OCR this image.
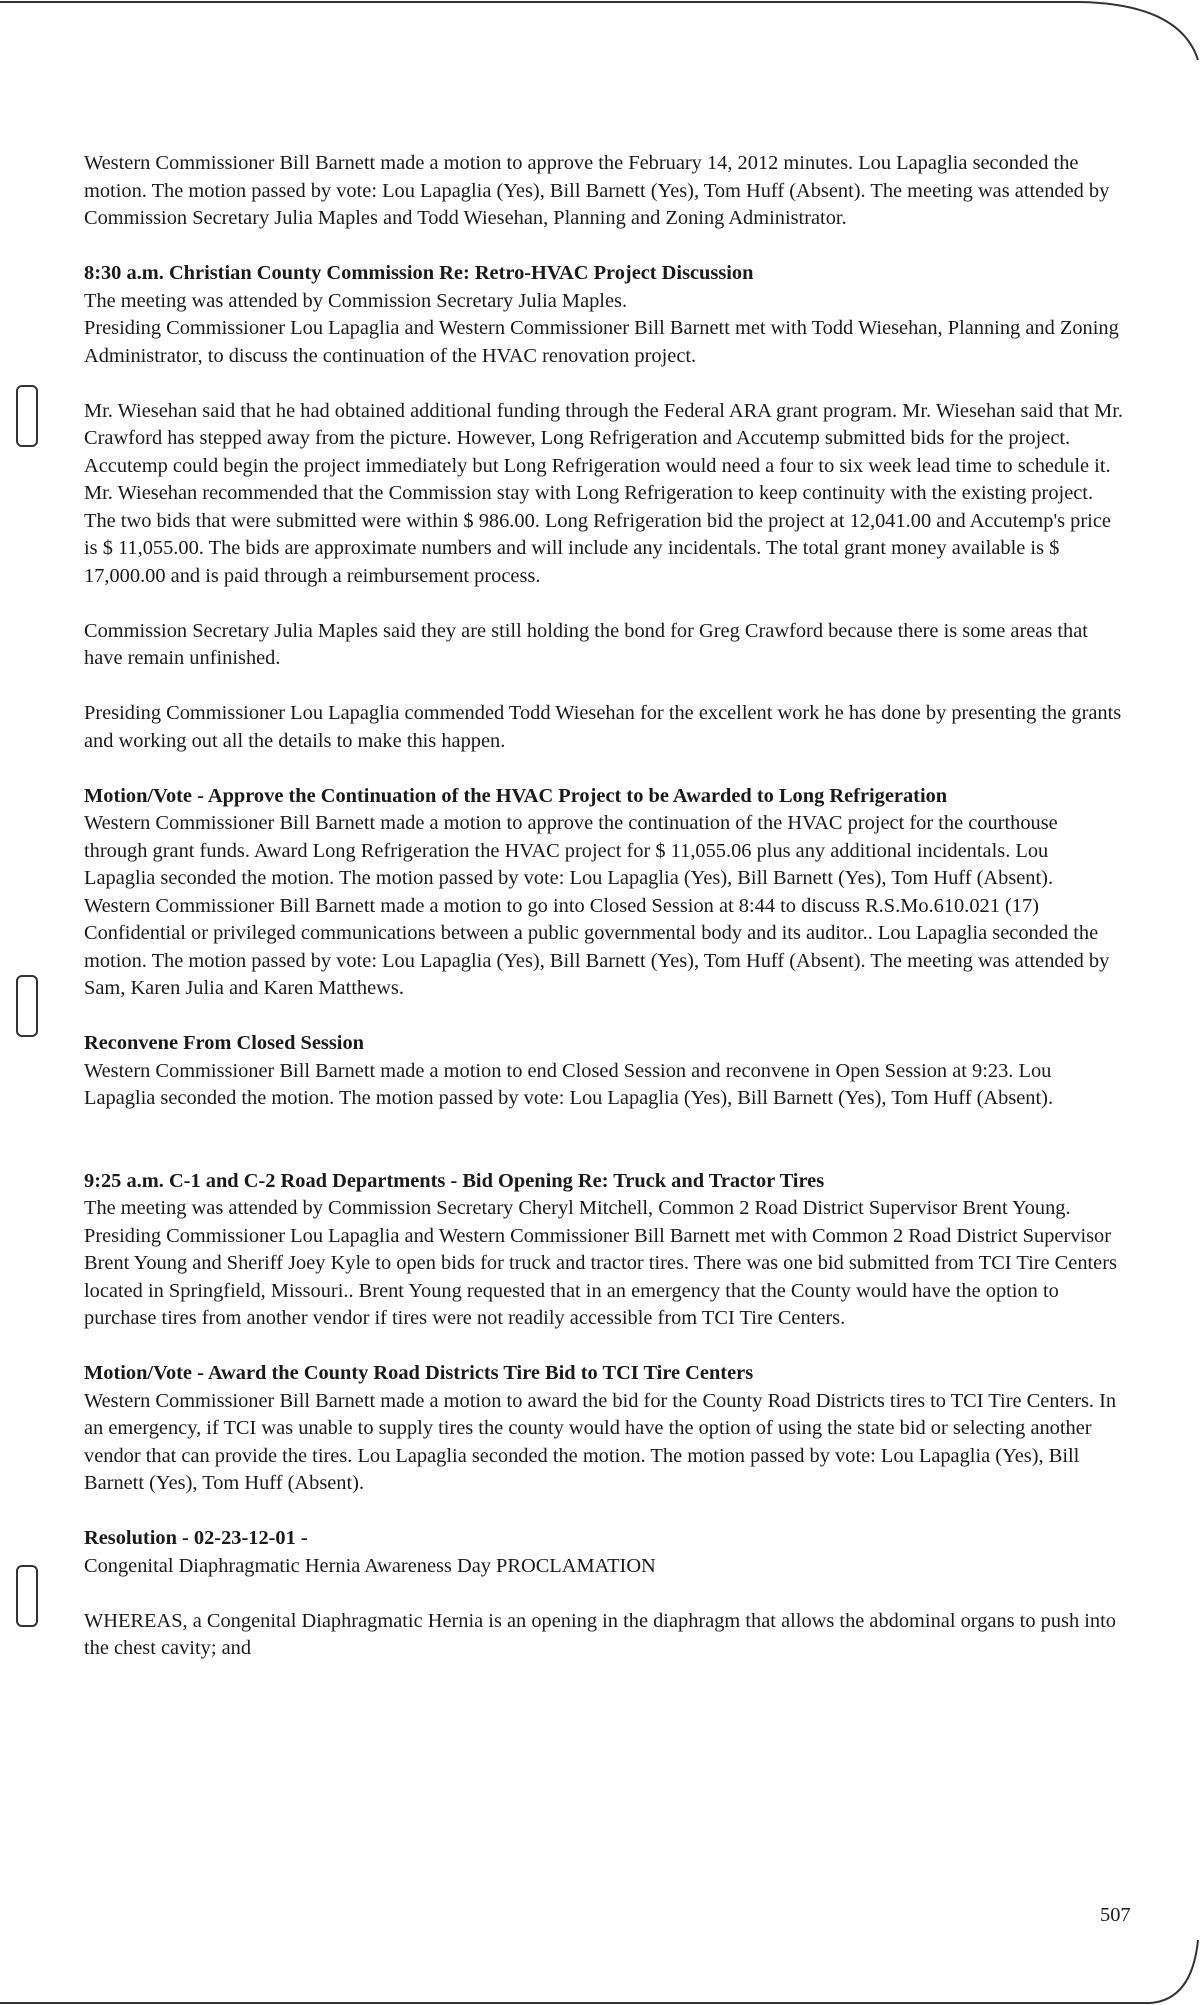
Western Commissioner Bill Barnett made a motion to approve the February 14, 2012 minutes. Lou Lapaglia seconded the motion. The motion passed by vote: Lou Lapaglia (Yes), Bill Barnett (Yes), Tom Huff (Absent). The meeting was attended by Commission Secretary Julia Maples and Todd Wiesehan, Planning and Zoning Administrator.

8:30 a.m. Christian County Commission Re: Retro-HVAC Project Discussion

The meeting was attended by Commission Secretary Julia Maples.

Presiding Commissioner Lou Lapaglia and Western Commissioner Bill Barnett met with Todd Wiesehan, Planning and Zoning Administrator, to discuss the continuation of the HVAC renovation project.

Mr. Wiesehan said that he had obtained additional funding through the Federal ARA grant program. Mr. Wiesehan said that Mr. Crawford has stepped away from the picture. However, Long Refrigeration and Accutemp submitted bids for the project. Accutemp could begin the project immediately but Long Refrigeration would need a four to six week lead time to schedule it. Mr. Wiesehan recommended that the Commission stay with Long Refrigeration to keep continuity with the existing project. The two bids that were submitted were within $ 986.00. Long Refrigeration bid the project at 12,041.00 and Accutemp's price is $ 11,055.00. The bids are approximate numbers and will include any incidentals. The total grant money available is $ 17,000.00 and is paid through a reimbursement process.

Commission Secretary Julia Maples said they are still holding the bond for Greg Crawford because there is some areas that have remain unfinished.

Presiding Commissioner Lou Lapaglia commended Todd Wiesehan for the excellent work he has done by presenting the grants and working out all the details to make this happen.

Motion/Vote - Approve the Continuation of the HVAC Project to be Awarded to Long Refrigeration

Western Commissioner Bill Barnett made a motion to approve the continuation of the HVAC project for the courthouse through grant funds. Award Long Refrigeration the HVAC project for $ 11,055.06 plus any additional incidentals. Lou Lapaglia seconded the motion. The motion passed by vote: Lou Lapaglia (Yes), Bill Barnett (Yes), Tom Huff (Absent).

Western Commissioner Bill Barnett made a motion to go into Closed Session at 8:44 to discuss R.S.Mo.610.021 (17) Confidential or privileged communications between a public governmental body and its auditor.. Lou Lapaglia seconded the motion. The motion passed by vote: Lou Lapaglia (Yes), Bill Barnett (Yes), Tom Huff (Absent). The meeting was attended by Sam, Karen Julia and Karen Matthews.

Reconvene From Closed Session

Western Commissioner Bill Barnett made a motion to end Closed Session and reconvene in Open Session at 9:23. Lou Lapaglia seconded the motion. The motion passed by vote: Lou Lapaglia (Yes), Bill Barnett (Yes), Tom Huff (Absent).

9:25 a.m. C-1 and C-2 Road Departments - Bid Opening Re: Truck and Tractor Tires

The meeting was attended by Commission Secretary Cheryl Mitchell, Common 2 Road District Supervisor Brent Young.

Presiding Commissioner Lou Lapaglia and Western Commissioner Bill Barnett met with Common 2 Road District Supervisor Brent Young and Sheriff Joey Kyle to open bids for truck and tractor tires. There was one bid submitted from TCI Tire Centers located in Springfield, Missouri.. Brent Young requested that in an emergency that the County would have the option to purchase tires from another vendor if tires were not readily accessible from TCI Tire Centers.

Motion/Vote - Award the County Road Districts Tire Bid to TCI Tire Centers

Western Commissioner Bill Barnett made a motion to award the bid for the County Road Districts tires to TCI Tire Centers. In an emergency, if TCI was unable to supply tires the county would have the option of using the state bid or selecting another vendor that can provide the tires. Lou Lapaglia seconded the motion. The motion passed by vote: Lou Lapaglia (Yes), Bill Barnett (Yes), Tom Huff (Absent).

Resolution - 02-23-12-01 -

Congenital Diaphragmatic Hernia Awareness Day PROCLAMATION

WHEREAS, a Congenital Diaphragmatic Hernia is an opening in the diaphragm that allows the abdominal organs to push into the chest cavity; and

507
